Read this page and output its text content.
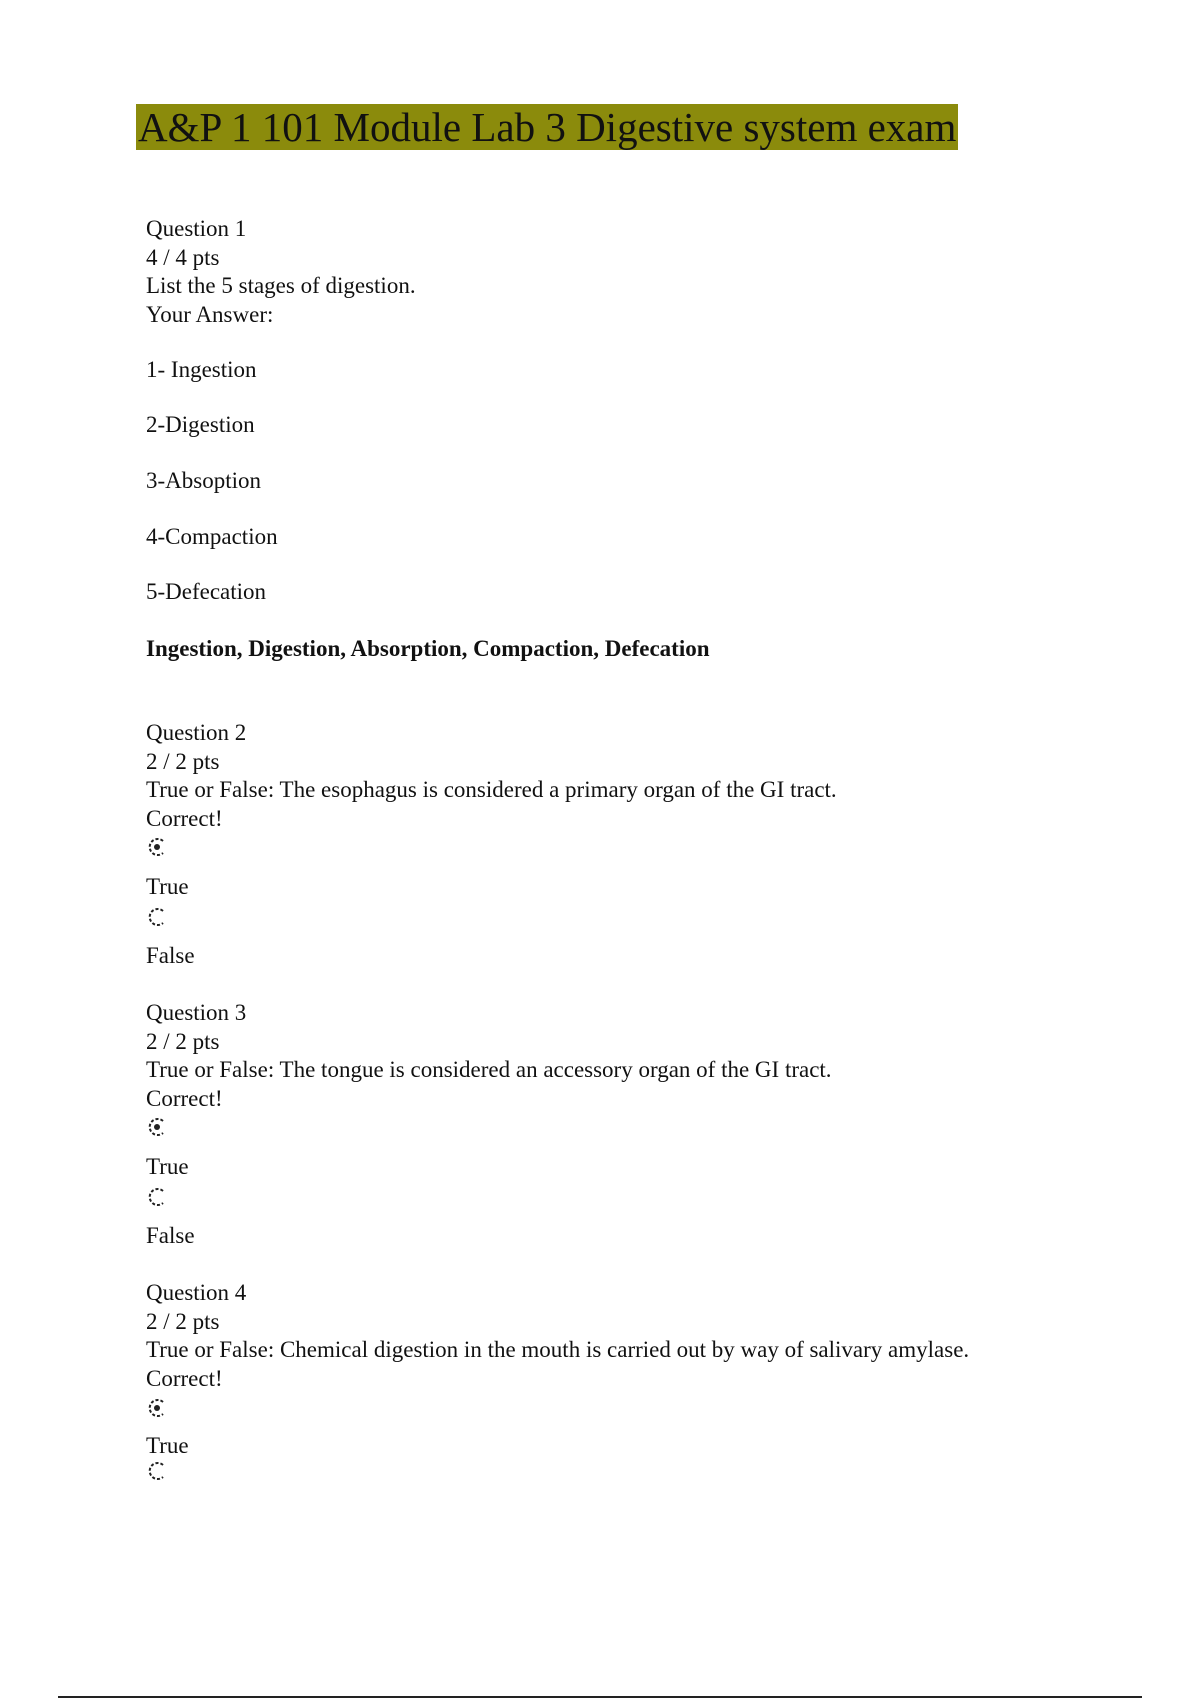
A&P 1 101 Module Lab 3 Digestive system exam
Question 1
4 / 4 pts
List the 5 stages of digestion.
Your Answer:
1- Ingestion
2-Digestion
3-Absoption
4-Compaction
5-Defecation
Ingestion, Digestion, Absorption, Compaction, Defecation
Question 2
2 / 2 pts
True or False: The esophagus is considered a primary organ of the GI tract.
Correct!
True
False
Question 3
2 / 2 pts
True or False: The tongue is considered an accessory organ of the GI tract.
Correct!
True
False
Question 4
2 / 2 pts
True or False: Chemical digestion in the mouth is carried out by way of salivary amylase.
Correct!
True
